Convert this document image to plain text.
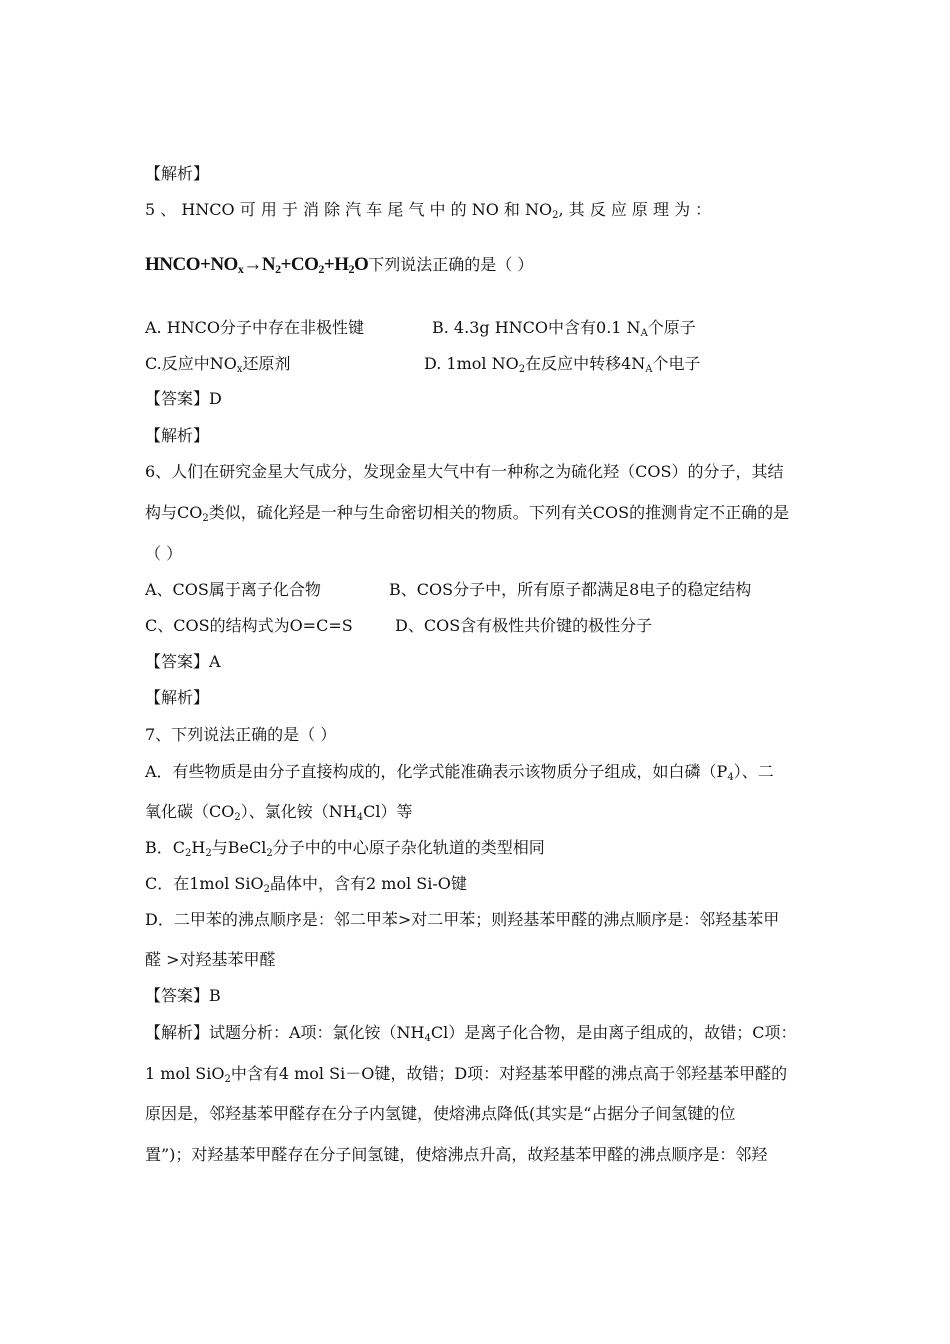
【解析】
5 、 HNCO 可 用 于 消 除 汽 车 尾 气 中 的 NO 和 $NO_2$, 其 反 应 原 理 为 ：
$HNCO+NO_x\to N_2+CO_2+H_2O$下列说法正确的是（ ）
A. HNCO分子中存在非极性键	B. 4.3g HNCO中含有0.1 $N_A$个原子
C.反应中$NO_x$还原剂	D. 1mol $NO_2$在反应中转移$4N_A$个电子
【答案】D
【解析】
6、人们在研究金星大气成分，发现金星大气中有一种称之为硫化羟（COS）的分子，其结
构与$CO_2$类似，硫化羟是一种与生命密切相关的物质。下列有关COS的推测肯定不正确的是
（ ）
A、COS属于离子化合物	B、COS分子中，所有原子都满足8电子的稳定结构
C、COS的结构式为O=C=S	D、COS含有极性共价键的极性分子
【答案】A
【解析】
7、下列说法正确的是（ ）
A．有些物质是由分子直接构成的，化学式能准确表示该物质分子组成，如白磷$(P_4)$、二
氧化碳$(CO_2)$、氯化铵$(NH_4Cl)$等
B．$C_2H_2$与BeCl$_2$分子中的中心原子杂化轨道的类型相同
C．在1mol SiO$_2$晶体中，含有2 mol Si-O键
D．二甲苯的沸点顺序是：邻二甲苯>对二甲苯；则羟基苯甲醛的沸点顺序是：邻羟基苯甲
醛 >对羟基苯甲醛
【答案】B
【解析】试题分析：A项：氯化铵$(NH_4Cl)$是离子化合物，是由离子组成的，故错；C项：
1 mol SiO$_2$中含有4 mol Si－O键，故错；D项：对羟基苯甲醛的沸点高于邻羟基苯甲醛的
原因是，邻羟基苯甲醛存在分子内氢键，使熔沸点降低(其实是“占据分子间氢键的位
置”)；对羟基苯甲醛存在分子间氢键，使熔沸点升高，故羟基苯甲醛的沸点顺序是：邻羟
